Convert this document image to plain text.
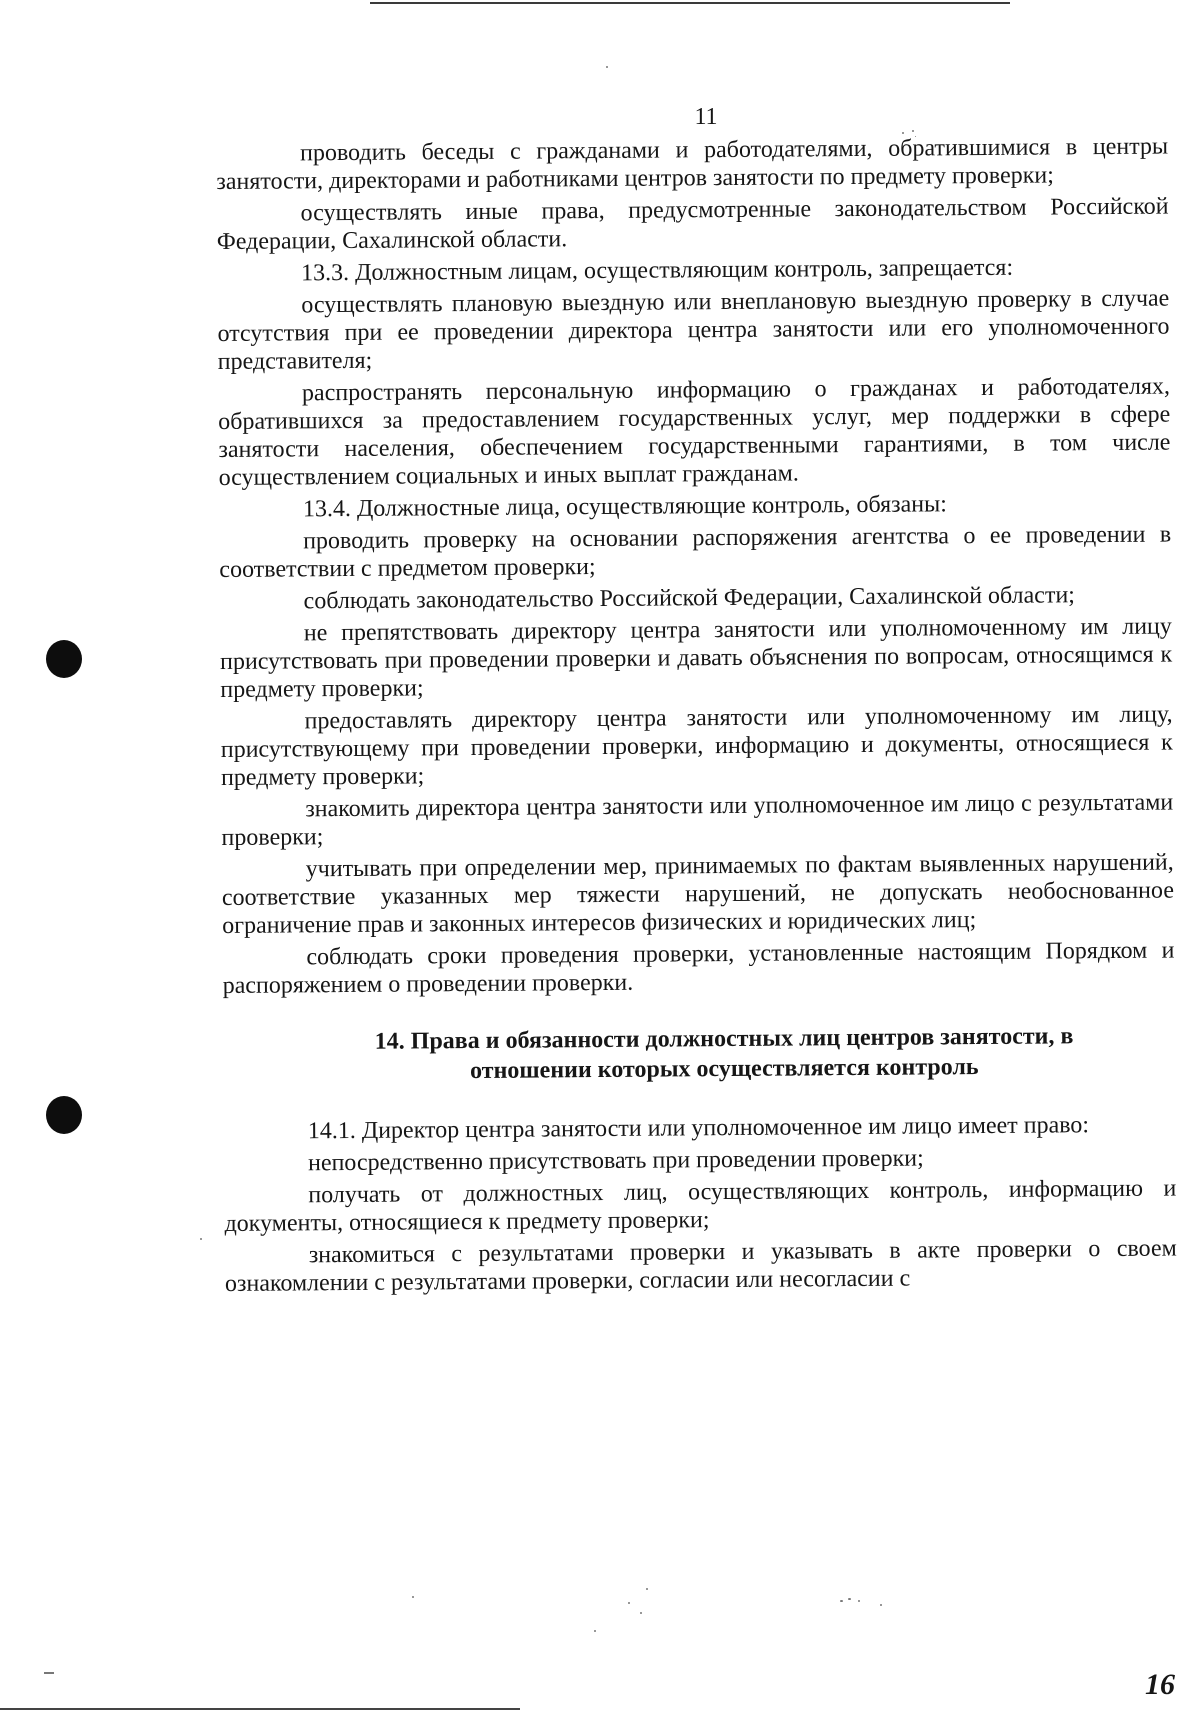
11

проводить беседы с гражданами и работодателями, обратившимися в центры занятости, директорами и работниками центров занятости по предмету проверки;

осуществлять иные права, предусмотренные законодательством Российской Федерации, Сахалинской области.

13.3. Должностным лицам, осуществляющим контроль, запрещается:

осуществлять плановую выездную или внеплановую выездную проверку в случае отсутствия при ее проведении директора центра занятости или его уполномоченного представителя;

распространять персональную информацию о гражданах и работодателях, обратившихся за предоставлением государственных услуг, мер поддержки в сфере занятости населения, обеспечением государственными гарантиями, в том числе осуществлением социальных и иных выплат гражданам.

13.4. Должностные лица, осуществляющие контроль, обязаны:

проводить проверку на основании распоряжения агентства о ее проведении в соответствии с предметом проверки;

соблюдать законодательство Российской Федерации, Сахалинской области;

не препятствовать директору центра занятости или уполномоченному им лицу присутствовать при проведении проверки и давать объяснения по вопросам, относящимся к предмету проверки;

предоставлять директору центра занятости или уполномоченному им лицу, присутствующему при проведении проверки, информацию и документы, относящиеся к предмету проверки;

знакомить директора центра занятости или уполномоченное им лицо с результатами проверки;

учитывать при определении мер, принимаемых по фактам выявленных нарушений, соответствие указанных мер тяжести нарушений, не допускать необоснованное ограничение прав и законных интересов физических и юридических лиц;

соблюдать сроки проведения проверки, установленные настоящим Порядком и распоряжением о проведении проверки.

14. Права и обязанности должностных лиц центров занятости, в отношении которых осуществляется контроль

14.1. Директор центра занятости или уполномоченное им лицо имеет право:

непосредственно присутствовать при проведении проверки;

получать от должностных лиц, осуществляющих контроль, информацию и документы, относящиеся к предмету проверки;

знакомиться с результатами проверки и указывать в акте проверки о своем ознакомлении с результатами проверки, согласии или несогласии с

16
